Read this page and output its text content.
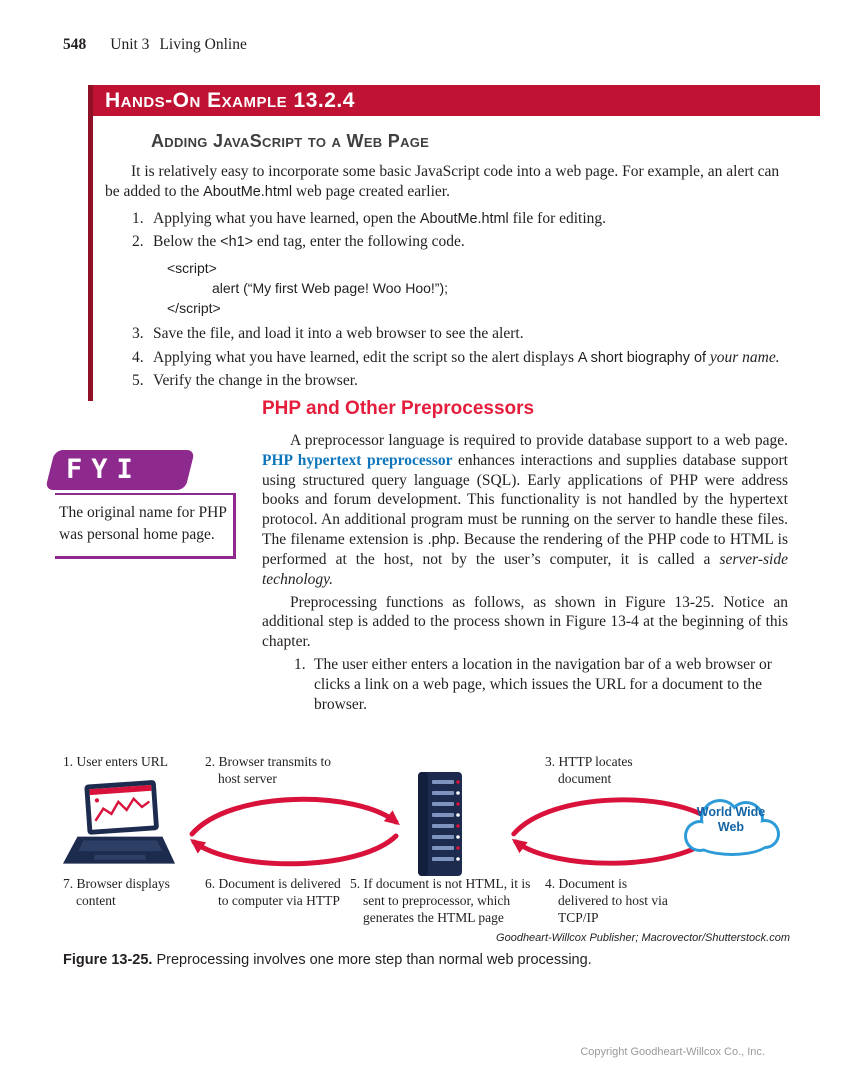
548 Unit 3 Living Online
Hands-On Example 13.2.4
Adding JavaScript to a Web Page

It is relatively easy to incorporate some basic JavaScript code into a web page. For example, an alert can be added to the AboutMe.html web page created earlier.

1. Applying what you have learned, open the AboutMe.html file for editing.
2. Below the <h1> end tag, enter the following code.
<script>
alert (“My first Web page! Woo Hoo!”);
</script>
3. Save the file, and load it into a web browser to see the alert.
4. Applying what you have learned, edit the script so the alert displays A short biography of your name.
5. Verify the change in the browser.
FYI
The original name for PHP was personal home page.
PHP and Other Preprocessors

A preprocessor language is required to provide database support to a web page. PHP hypertext preprocessor enhances interactions and supplies database support using structured query language (SQL). Early applications of PHP were address books and forum development. This functionality is not handled by the hypertext protocol. An additional program must be running on the server to handle these files. The filename extension is .php. Because the rendering of the PHP code to HTML is performed at the host, not by the user’s computer, it is called a server-side technology.

Preprocessing functions as follows, as shown in Figure 13-25. Notice an additional step is added to the process shown in Figure 13-4 at the beginning of this chapter.

1. The user either enters a location in the navigation bar of a web browser or clicks a link on a web page, which issues the URL for a document to the browser.
1. User enters URL	2. Browser transmits to host server
3. HTTP locates document
7. Browser displays content
6. Document is delivered to computer via HTTP
5. If document is not HTML, it is sent to preprocessor, which generates the HTML page
4. Document is delivered to host via TCP/IP
World Wide Web
Goodheart-Willcox Publisher; Macrovector/Shutterstock.com

Figure 13-25. Preprocessing involves one more step than normal web processing.

Copyright Goodheart-Willcox Co., Inc.
